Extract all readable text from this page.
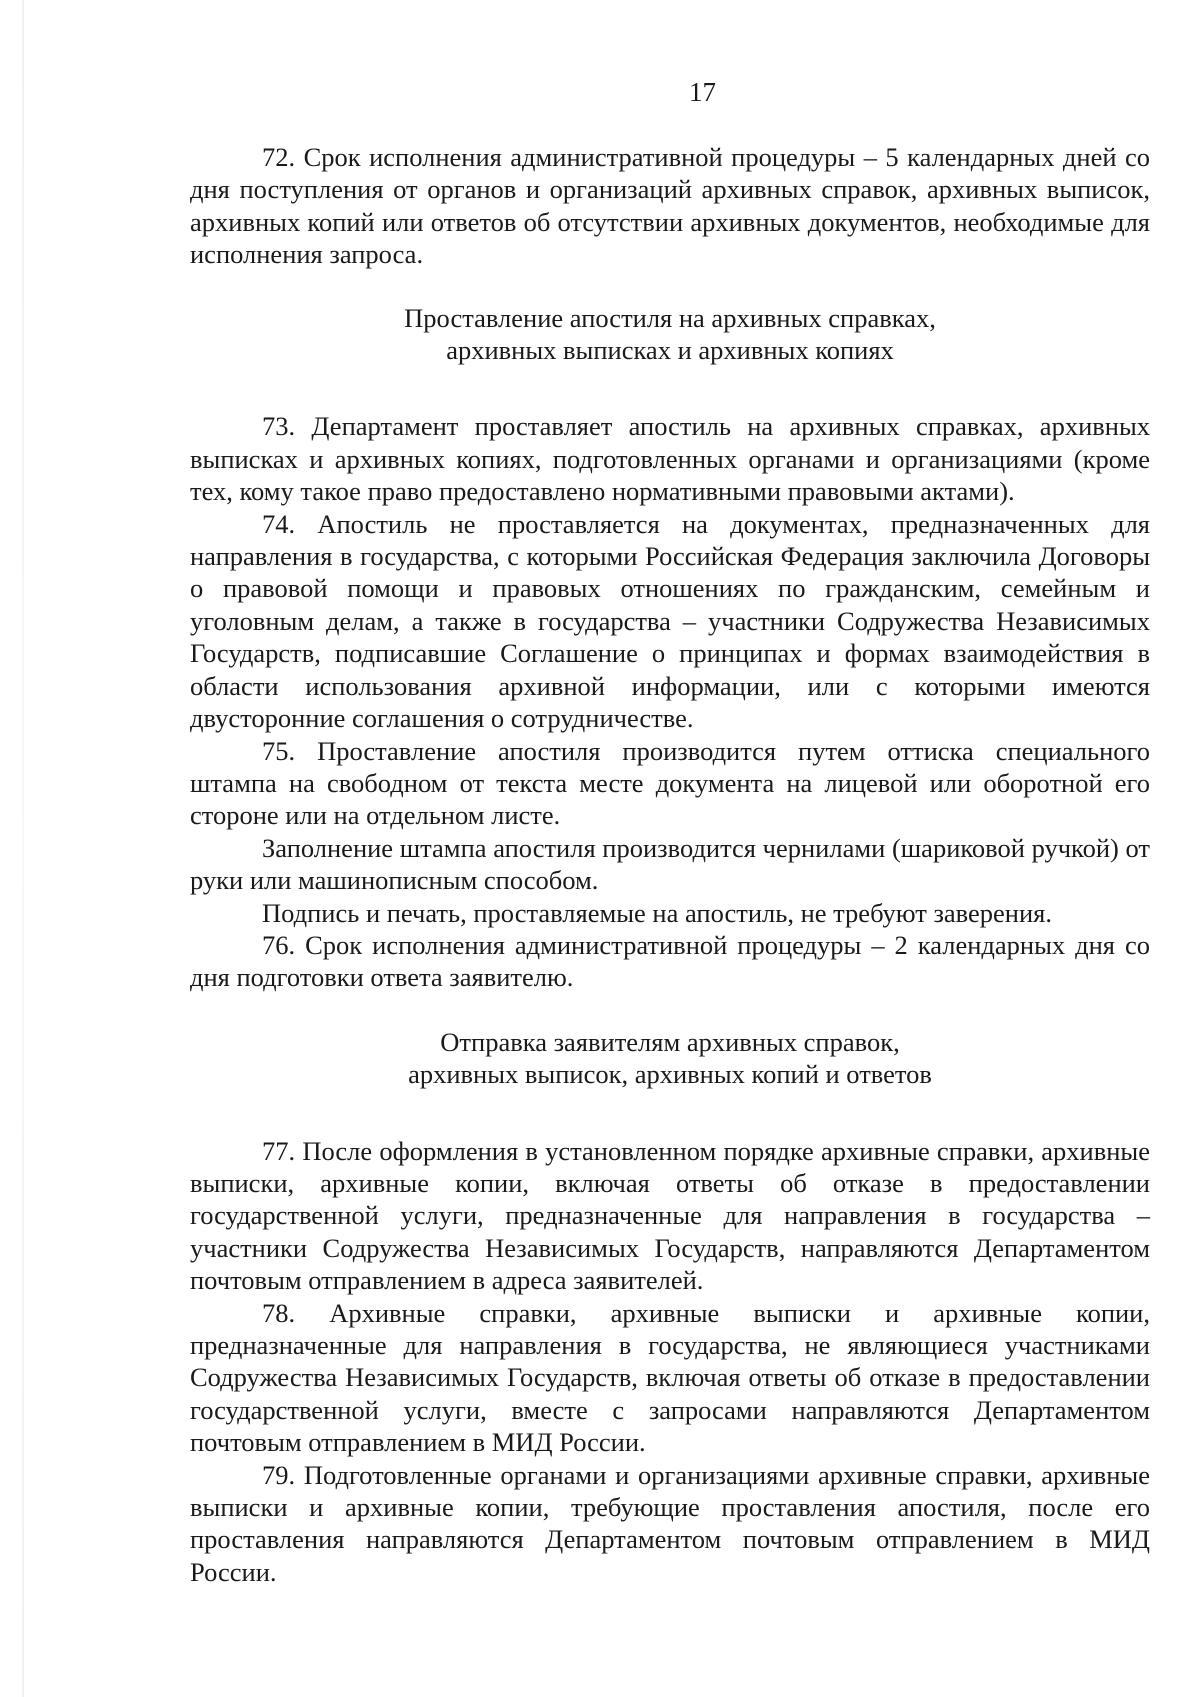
17

72. Срок исполнения административной процедуры – 5 календарных дней со дня поступления от органов и организаций архивных справок, архивных выписок, архивных копий или ответов об отсутствии архивных документов, необходимые для исполнения запроса.

Проставление апостиля на архивных справках,
архивных выписках и архивных копиях

73. Департамент проставляет апостиль на архивных справках, архивных выписках и архивных копиях, подготовленных органами и организациями (кроме тех, кому такое право предоставлено нормативными правовыми актами).

74. Апостиль не проставляется на документах, предназначенных для направления в государства, с которыми Российская Федерация заключила Договоры о правовой помощи и правовых отношениях по гражданским, семейным и уголовным делам, а также в государства – участники Содружества Независимых Государств, подписавшие Соглашение о принципах и формах взаимодействия в области использования архивной информации, или с которыми имеются двусторонние соглашения о сотрудничестве.

75. Проставление апостиля производится путем оттиска специального штампа на свободном от текста месте документа на лицевой или оборотной его стороне или на отдельном листе.

Заполнение штампа апостиля производится чернилами (шариковой ручкой) от руки или машинописным способом.

Подпись и печать, проставляемые на апостиль, не требуют заверения.

76. Срок исполнения административной процедуры – 2 календарных дня со дня подготовки ответа заявителю.

Отправка заявителям архивных справок,
архивных выписок, архивных копий и ответов

77. После оформления в установленном порядке архивные справки, архивные выписки, архивные копии, включая ответы об отказе в предоставлении государственной услуги, предназначенные для направления в государства – участники Содружества Независимых Государств, направляются Департаментом почтовым отправлением в адреса заявителей.

78. Архивные справки, архивные выписки и архивные копии, предназначенные для направления в государства, не являющиеся участниками Содружества Независимых Государств, включая ответы об отказе в предоставлении государственной услуги, вместе с запросами направляются Департаментом почтовым отправлением в МИД России.

79. Подготовленные органами и организациями архивные справки, архивные выписки и архивные копии, требующие проставления апостиля, после его проставления направляются Департаментом почтовым отправлением в МИД России.
